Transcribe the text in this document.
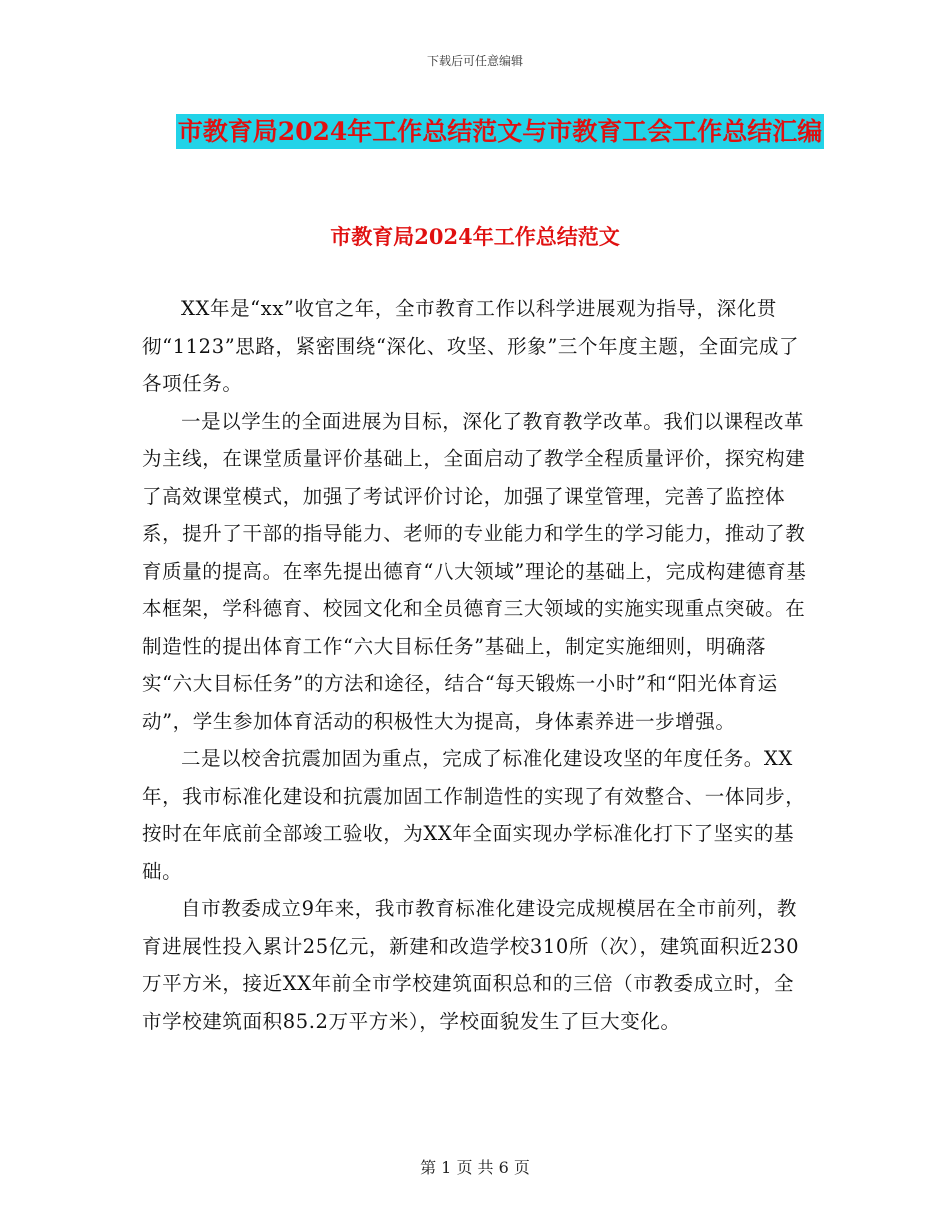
下载后可任意编辑
市教育局2024年工作总结范文与市教育工会工作总结汇编
市教育局2024年工作总结范文

XX年是“xx”收官之年，全市教育工作以科学进展观为指导，深化贯彻“1123”思路，紧密围绕“深化、攻坚、形象”三个年度主题，全面完成了各项任务。

一是以学生的全面进展为目标，深化了教育教学改革。我们以课程改革为主线，在课堂质量评价基础上，全面启动了教学全程质量评价，探究构建了高效课堂模式，加强了考试评价讨论，加强了课堂管理，完善了监控体系，提升了干部的指导能力、老师的专业能力和学生的学习能力，推动了教育质量的提高。在率先提出德育“八大领域”理论的基础上，完成构建德育基本框架，学科德育、校园文化和全员德育三大领域的实施实现重点突破。在制造性的提出体育工作“六大目标任务”基础上，制定实施细则，明确落实“六大目标任务”的方法和途径，结合“每天锻炼一小时”和“阳光体育运动”，学生参加体育活动的积极性大为提高，身体素养进一步增强。

二是以校舍抗震加固为重点，完成了标准化建设攻坚的年度任务。XX年，我市标准化建设和抗震加固工作制造性的实现了有效整合、一体同步，按时在年底前全部竣工验收，为XX年全面实现办学标准化打下了坚实的基础。

自市教委成立9年来，我市教育标准化建设完成规模居在全市前列，教育进展性投入累计25亿元，新建和改造学校310所（次），建筑面积近230万平方米，接近XX年前全市学校建筑面积总和的三倍（市教委成立时，全市学校建筑面积85.2万平方米），学校面貌发生了巨大变化。

第 1 页 共 6 页
